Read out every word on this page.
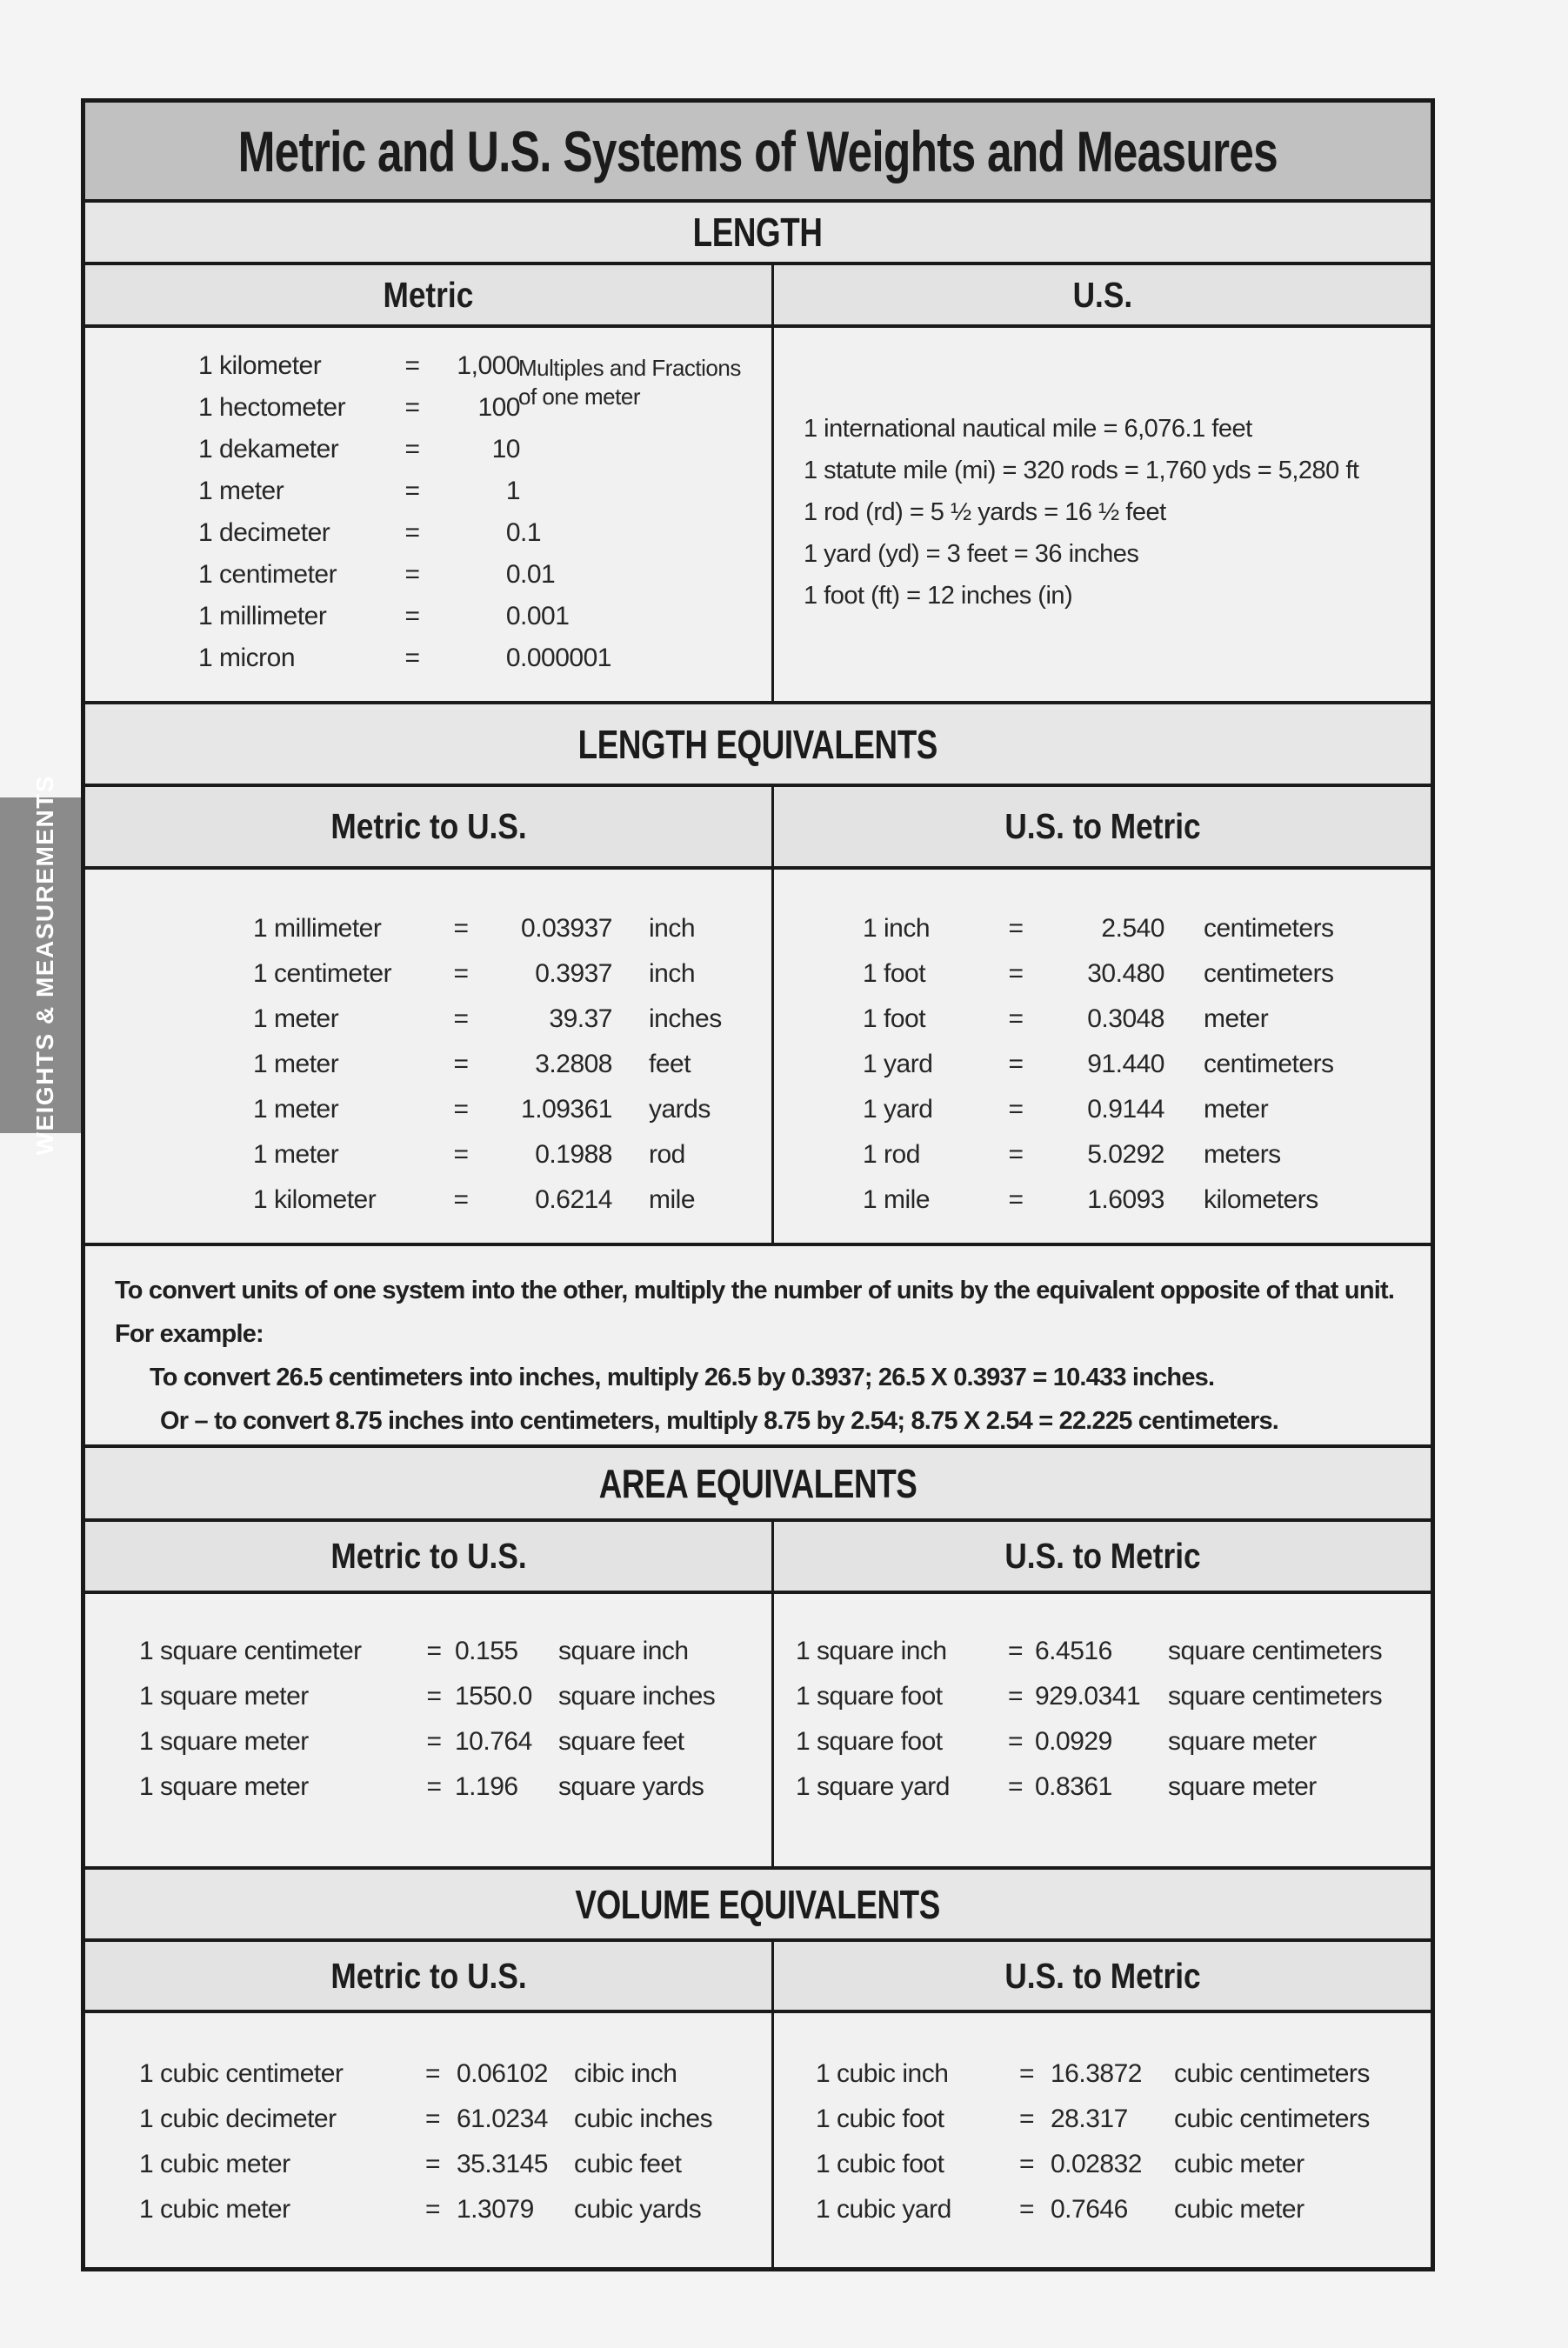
WEIGHTS & MEASUREMENTS
Metric and U.S. Systems of Weights and Measures
LENGTH
Metric	U.S.
1 kilometer	=	1,000
1 hectometer	=	100
1 dekameter	=	10
1 meter	=	1
1 decimeter	=	0 .1
1 centimeter	=	0 .01
1 millimeter	=	0 .001
1 micron	=	0 .000001
Multiples and Fractions
of one meter
1 international nautical mile = 6,076.1 feet
1 statute mile (mi) = 320 rods = 1,760 yds = 5,280 ft
1 rod (rd) = 5 ½ yards = 16 ½ feet
1 yard (yd) = 3 feet = 36 inches
1 foot (ft) = 12 inches (in)
LENGTH EQUIVALENTS
Metric to U.S.	U.S. to Metric
1 millimeter	=	0.03937 inch
1 centimeter	=	0.3937 inch
1 meter	=	39.37 inches
1 meter	=	3.2808 feet
1 meter	=	1.09361 yards
1 meter	=	0.1988 rod
1 kilometer	=	0.6214 mile
1 inch	=	2.540 centimeters
1 foot	=	30.480 centimeters
1 foot	=	0.3048 meter
1 yard	=	91.440 centimeters
1 yard	=	0.9144 meter
1 rod	=	5.0292 meters
1 mile	=	1.6093 kilometers
To convert units of one system into the other, multiply the number of units by the equivalent opposite of that unit.
For example:
To convert 26.5 centimeters into inches, multiply 26.5 by 0.3937; 26.5 X 0.3937 = 10.433 inches.
Or – to convert 8.75 inches into centimeters, multiply 8.75 by 2.54; 8.75 X 2.54 = 22.225 centimeters.
AREA EQUIVALENTS
Metric to U.S.	U.S. to Metric
1 square centimeter	= 0.155	square inch
1 square meter	= 1550.0	square inches
1 square meter	= 10.764	square feet
1 square meter	= 1.196	square yards
1 square inch	= 6.4516	square centimeters
1 square foot	= 929.0341	square centimeters
1 square foot	= 0.0929	square meter
1 square yard	= 0.8361	square meter
VOLUME EQUIVALENTS
Metric to U.S.	U.S. to Metric
1 cubic centimeter	= 0.06102	cibic inch
1 cubic decimeter	= 61.0234	cubic inches
1 cubic meter	= 35.3145	cubic feet
1 cubic meter	= 1.3079	cubic yards
1 cubic inch	= 16.3872	cubic centimeters
1 cubic foot	= 28.317	cubic centimeters
1 cubic foot	= 0.02832	cubic meter
1 cubic yard	= 0.7646	cubic meter
